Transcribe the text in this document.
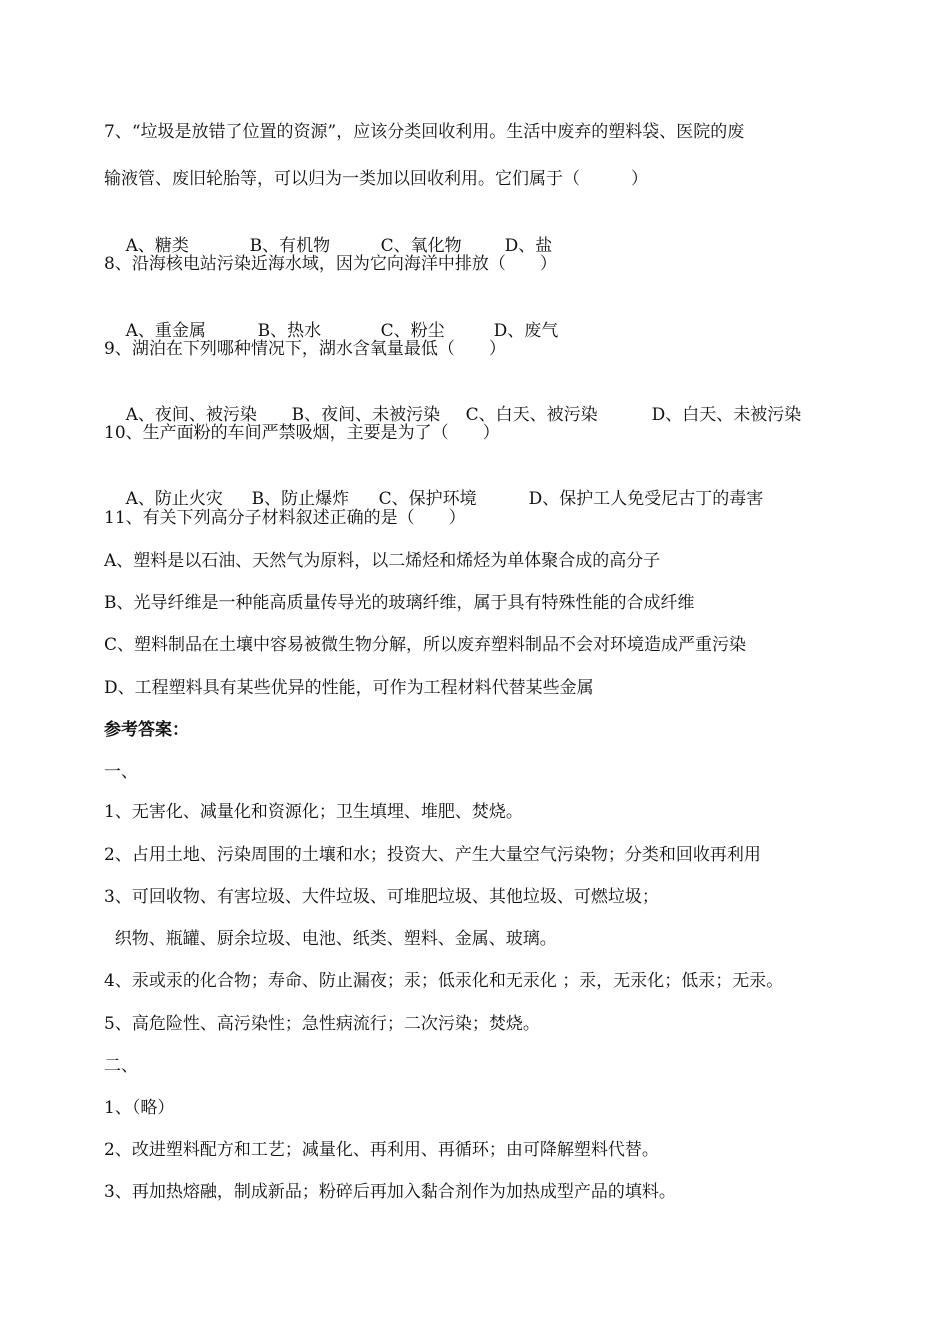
7、“垃圾是放错了位置的资源”，应该分类回收利用。生活中废弃的塑料袋、医院的废
输液管、废旧轮胎等，可以归为一类加以回收利用。它们属于（　　　）

A、糖类	B、有机物	C、氧化物	D、盐

8、沿海核电站污染近海水域，因为它向海洋中排放（　　）

A、重金属	B、热水	C、粉尘	D、废气

9、湖泊在下列哪种情况下，湖水含氧量最低（　　）

A、夜间、被污染 B、夜间、未被污染 C、白天、被污染	D、白天、未被污染

10、生产面粉的车间严禁吸烟，主要是为了（　　）

A、防止火灾 B、防止爆炸 C、保护环境	D、保护工人免受尼古丁的毒害

11、有关下列高分子材料叙述正确的是（　　）
A、塑料是以石油、天然气为原料，以二烯烃和烯烃为单体聚合成的高分子
B、光导纤维是一种能高质量传导光的玻璃纤维，属于具有特殊性能的合成纤维
C、塑料制品在土壤中容易被微生物分解，所以废弃塑料制品不会对环境造成严重污染
D、工程塑料具有某些优异的性能，可作为工程材料代替某些金属
参考答案：
一、
1、无害化、减量化和资源化；卫生填埋、堆肥、焚烧。
2、占用土地、污染周围的土壤和水；投资大、产生大量空气污染物；分类和回收再利用
3、可回收物、有害垃圾、大件垃圾、可堆肥垃圾、其他垃圾、可燃垃圾；
织物、瓶罐、厨余垃圾、电池、纸类、塑料、金属、玻璃。
4、汞或汞的化合物；寿命、防止漏夜；汞；低汞化和无汞化 ；汞，无汞化；低汞；无汞。
5、高危险性、高污染性；急性病流行；二次污染；焚烧。
二、
1、（略）
2、改进塑料配方和工艺；减量化、再利用、再循环；由可降解塑料代替。
3、再加热熔融，制成新品；粉碎后再加入黏合剂作为加热成型产品的填料。
